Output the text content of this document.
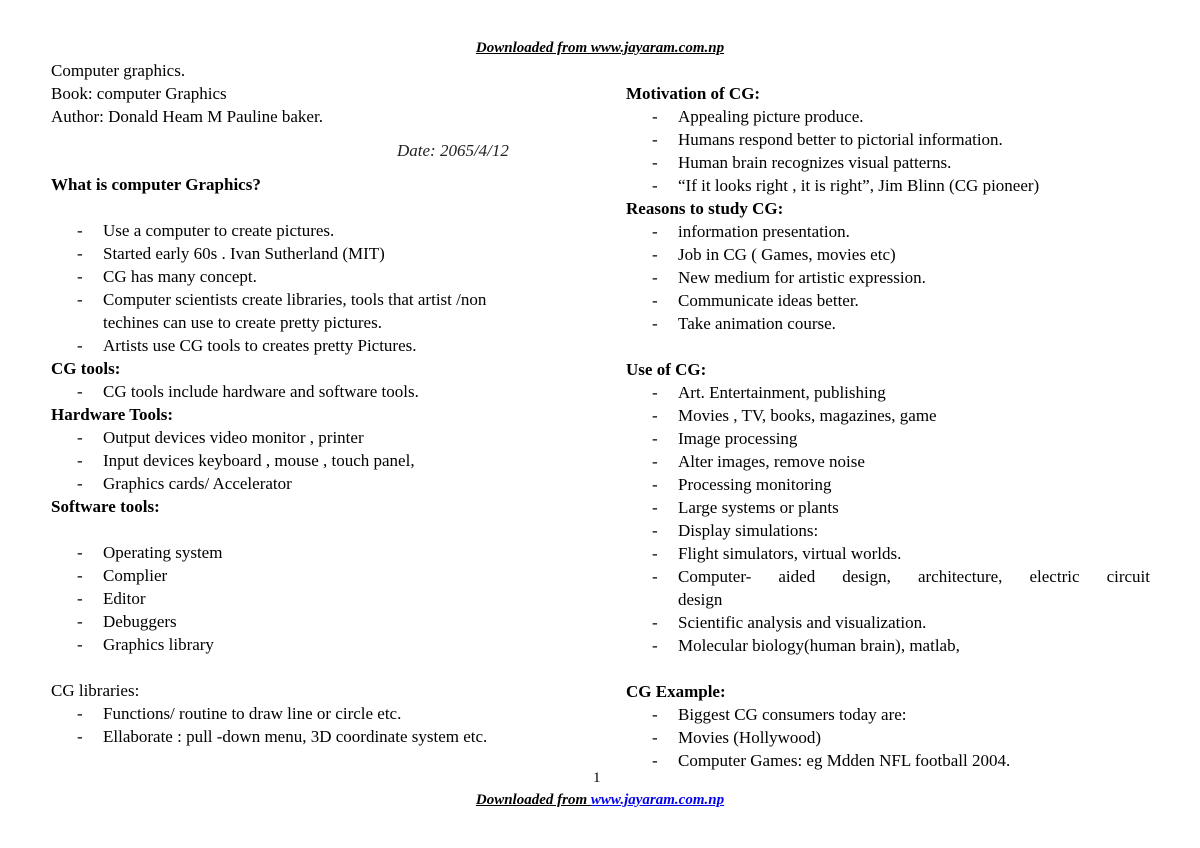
Downloaded from www.jayaram.com.np
Computer graphics.
Book: computer Graphics
Author: Donald Heam M Pauline baker.
Date: 2065/4/12
What is computer Graphics?
- Use a computer to create pictures.
- Started early 60s . Ivan Sutherland (MIT)
- CG has many concept.
- Computer scientists create libraries, tools that artist /non
techines can use to create pretty pictures.
- Artists use CG tools to creates pretty Pictures.
CG tools:
- CG tools include hardware and software tools.
Hardware Tools:
- Output devices video monitor , printer
- Input devices keyboard , mouse , touch panel,
- Graphics cards/ Accelerator
Software tools:
- Operating system
- Complier
- Editor
- Debuggers
- Graphics library
CG libraries:
- Functions/ routine to draw line or circle etc.
- Ellaborate : pull -down menu, 3D coordinate system etc.
Motivation of CG:
- Appealing picture produce.
- Humans respond better to pictorial information.
- Human brain recognizes visual patterns.
- “If it looks right , it is right”, Jim Blinn (CG pioneer)
Reasons to study CG:
- information presentation.
- Job in CG ( Games, movies etc)
- New medium for artistic expression.
- Communicate ideas better.
- Take animation course.
Use of CG:
- Art. Entertainment, publishing
- Movies , TV, books, magazines, game
- Image processing
- Alter images, remove noise
- Processing monitoring
- Large systems or plants
- Display simulations:
- Flight simulators, virtual worlds.
- Computer- aided design, architecture, electric circuit
design
- Scientific analysis and visualization.
- Molecular biology(human brain), matlab,
CG Example:
- Biggest CG consumers today are:
- Movies (Hollywood)
- Computer Games: eg Mdden NFL football 2004.
1
Downloaded from www.jayaram.com.np
